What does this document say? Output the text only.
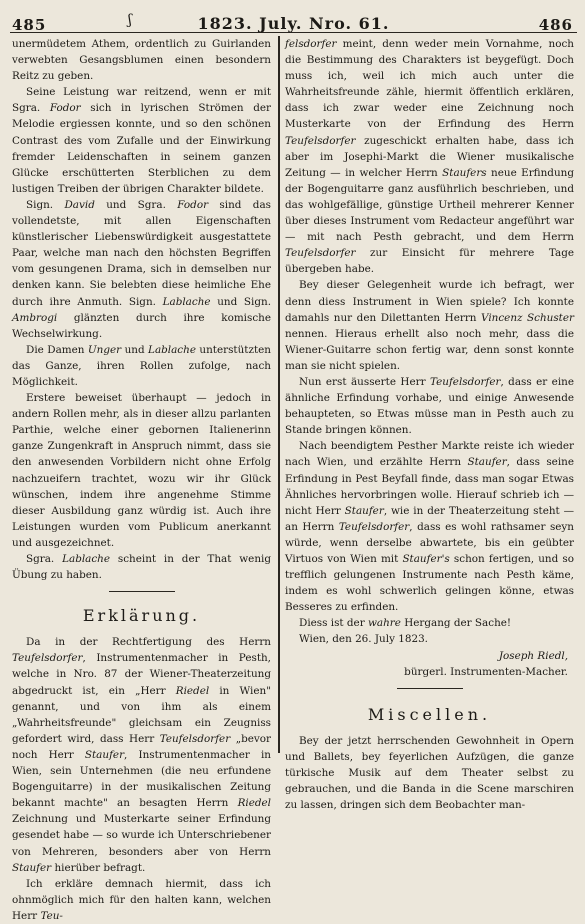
485	ʃ	1823. July. Nro. 61.	486

unermüdetem Athem, ordentlich zu Guirlanden verwebten Gesangsblumen einen besondern Reitz zu geben.

Seine Leistung war reitzend, wenn er mit Sgra. Fodor sich in lyrischen Strömen der Melodie ergiessen konnte, und so den schönen Contrast des vom Zufalle und der Einwirkung fremder Leidenschaften in seinem ganzen Glücke erschütterten Sterblichen zu dem lustigen Treiben der übrigen Charakter bildete.

Sign. David und Sgra. Fodor sind das vollendetste, mit allen Eigenschaften künstlerischer Liebenswürdigkeit ausgestattete Paar, welche man nach den höchsten Begriffen vom gesungenen Drama, sich in demselben nur denken kann. Sie belebten diese heimliche Ehe durch ihre Anmuth. Sign. Lablache und Sign. Ambrogi glänzten durch ihre komische Wechselwirkung.

Die Damen Unger und Lablache unterstützten das Ganze, ihren Rollen zufolge, nach Möglichkeit.

Erstere beweiset überhaupt — jedoch in andern Rollen mehr, als in dieser allzu parlanten Parthie, welche einer gebornen Italienerinn ganze Zungenkraft in Anspruch nimmt, dass sie den anwesenden Vorbildern nicht ohne Erfolg nachzueifern trachtet, wozu wir ihr Glück wünschen, indem ihre angenehme Stimme dieser Ausbildung ganz würdig ist. Auch ihre Leistungen wurden vom Publicum anerkannt und ausgezeichnet.

Sgra. Lablache scheint in der That wenig Übung zu haben.

Erklärung.

Da in der Rechtfertigung des Herrn Teufelsdorfer, Instrumentenmacher in Pesth, welche in Nro. 87 der Wiener-Theaterzeitung abgedruckt ist, ein „Herr Riedel in Wien" genannt, und von ihm als einem „Wahrheitsfreunde" gleichsam ein Zeugniss gefordert wird, dass Herr Teufelsdorfer „bevor noch Herr Staufer, Instrumentenmacher in Wien, sein Unternehmen (die neu erfundene Bogenguitarre) in der musikalischen Zeitung bekannt machte" an besagten Herrn Riedel Zeichnung und Musterkarte seiner Erfindung gesendet habe — so wurde ich Unterschriebener von Mehreren, besonders aber von Herrn Staufer hierüber befragt.

Ich erkläre demnach hiermit, dass ich ohnmöglich mich für den halten kann, welchen Herr Teu-

felsdorfer meint, denn weder mein Vornahme, noch die Bestimmung des Charakters ist beygefügt. Doch muss ich, weil ich mich auch unter die Wahrheitsfreunde zähle, hiermit öffentlich erklären, dass ich zwar weder eine Zeichnung noch Musterkarte von der Erfindung des Herrn Teufelsdorfer zugeschickt erhalten habe, dass ich aber im Josephi-Markt die Wiener musikalische Zeitung — in welcher Herrn Staufers neue Erfindung der Bogenguitarre ganz ausführlich beschrieben, und das wohlgefällige, günstige Urtheil mehrerer Kenner über dieses Instrument vom Redacteur angeführt war — mit nach Pesth gebracht, und dem Herrn Teufelsdorfer zur Einsicht für mehrere Tage übergeben habe.

Bey dieser Gelegenheit wurde ich befragt, wer denn diess Instrument in Wien spiele? Ich konnte damahls nur den Dilettanten Herrn Vincenz Schuster nennen. Hieraus erhellt also noch mehr, dass die Wiener-Guitarre schon fertig war, denn sonst konnte man sie nicht spielen.

Nun erst äusserte Herr Teufelsdorfer, dass er eine ähnliche Erfindung vorhabe, und einige Anwesende behaupteten, so Etwas müsse man in Pesth auch zu Stande bringen können.

Nach beendigtem Pesther Markte reiste ich wieder nach Wien, und erzählte Herrn Staufer, dass seine Erfindung in Pest Beyfall finde, dass man sogar Etwas Ähnliches hervorbringen wolle. Hierauf schrieb ich — nicht Herr Staufer, wie in der Theaterzeitung steht — an Herrn Teufelsdorfer, dass es wohl rathsamer seyn würde, wenn derselbe abwartete, bis ein geübter Virtuos von Wien mit Staufer's schon fertigen, und so trefflich gelungenen Instrumente nach Pesth käme, indem es wohl schwerlich gelingen könne, etwas Besseres zu erfinden.

Diess ist der wahre Hergang der Sache!

Wien, den 26. July 1823.

Joseph Riedl,
bürgerl. Instrumenten-Macher.
Miscellen.

Bey der jetzt herrschenden Gewohnheit in Opern und Ballets, bey feyerlichen Aufzügen, die ganze türkische Musik auf dem Theater selbst zu gebrauchen, und die Banda in die Scene marschiren zu lassen, dringen sich dem Beobachter man-
